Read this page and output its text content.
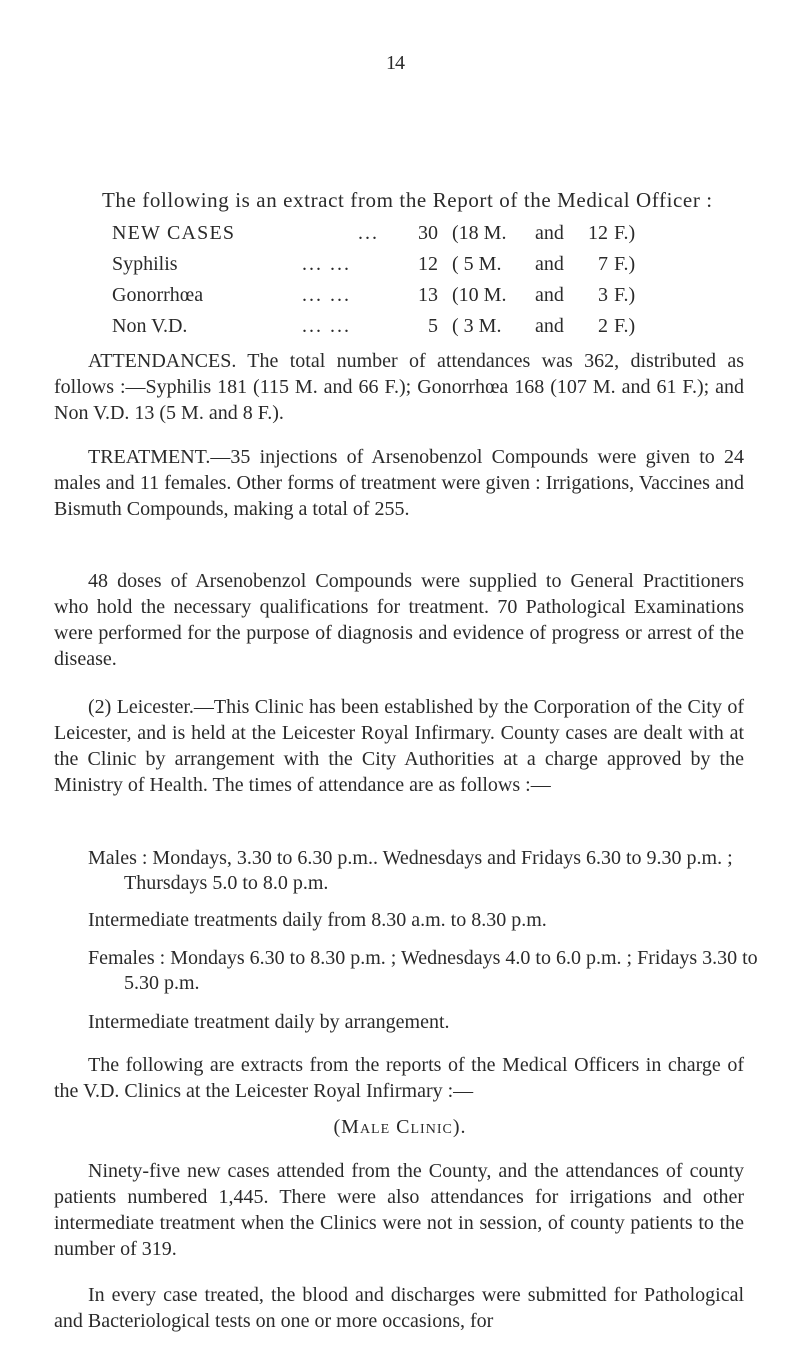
14
The following is an extract from the Report of the Medical Officer :
NEW CASES	... 30 (18 M. and 12 F.)
Syphilis	... ...	12 ( 5 M. and	7 F.)
Gonorrhœa	... ...	13 (10 M. and	3 F.)
Non V.D.	... ...	5 ( 3 M. and	2 F.)

ATTENDANCES. The total number of attendances was 362, distributed as follows :—Syphilis 181 (115 M. and 66 F.); Gonorrhœa 168 (107 M. and 61 F.); and Non V.D. 13 (5 M. and 8 F.).

TREATMENT.—35 injections of Arsenobenzol Compounds were given to 24 males and 11 females. Other forms of treatment were given : Irrigations, Vaccines and Bismuth Compounds, making a total of 255.

48 doses of Arsenobenzol Compounds were supplied to General Practitioners who hold the necessary qualifications for treatment. 70 Pathological Examinations were performed for the purpose of diagnosis and evidence of progress or arrest of the disease.

(2) Leicester.—This Clinic has been established by the Corporation of the City of Leicester, and is held at the Leicester Royal Infirmary. County cases are dealt with at the Clinic by arrangement with the City Authorities at a charge approved by the Ministry of Health. The times of attendance are as follows :—

Males : Mondays, 3.30 to 6.30 p.m.. Wednesdays and Fridays 6.30 to 9.30 p.m. ; Thursdays 5.0 to 8.0 p.m.

Intermediate treatments daily from 8.30 a.m. to 8.30 p.m.

Females : Mondays 6.30 to 8.30 p.m. ; Wednesdays 4.0 to 6.0 p.m. ; Fridays 3.30 to 5.30 p.m.

Intermediate treatment daily by arrangement.

The following are extracts from the reports of the Medical Officers in charge of the V.D. Clinics at the Leicester Royal Infirmary :—

(Male Clinic).

Ninety-five new cases attended from the County, and the attendances of county patients numbered 1,445. There were also attendances for irrigations and other intermediate treatment when the Clinics were not in session, of county patients to the number of 319.

In every case treated, the blood and discharges were submitted for Pathological and Bacteriological tests on one or more occasions, for
